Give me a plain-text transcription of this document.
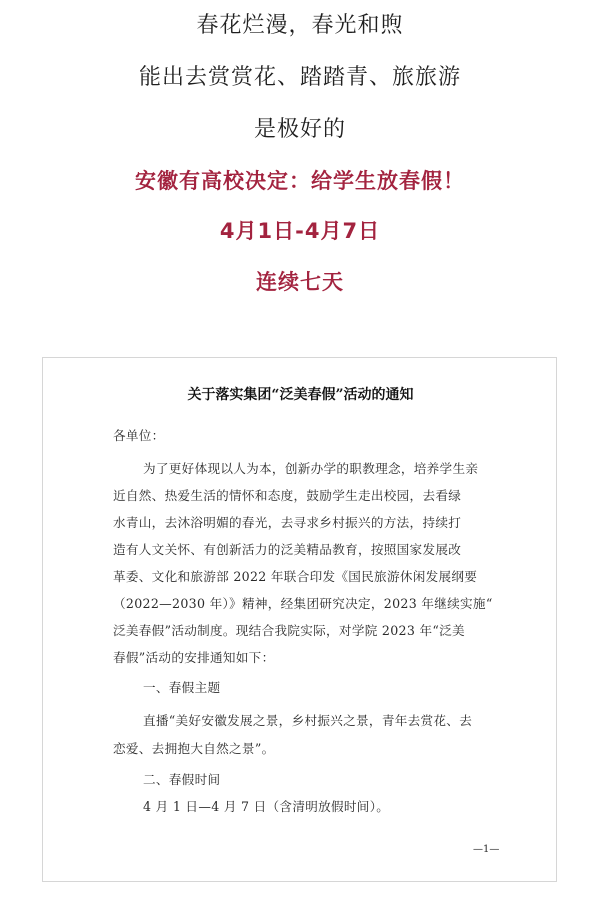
春花烂漫，春光和煦
能出去赏赏花、踏踏青、旅旅游
是极好的
安徽有高校决定：给学生放春假！
4月1日-4月7日
连续七天
关于落实集团“泛美春假”活动的通知
各单位：
为了更好体现以人为本，创新办学的职教理念，培养学生亲
近自然、热爱生活的情怀和态度，鼓励学生走出校园，去看绿
水青山，去沐浴明媚的春光，去寻求乡村振兴的方法，持续打
造有人文关怀、有创新活力的泛美精品教育，按照国家发展改
革委、文化和旅游部 2022 年联合印发《国民旅游休闲发展纲要
（2022—2030 年）》精神，经集团研究决定，2023 年继续实施“
泛美春假”活动制度。现结合我院实际，对学院 2023 年“泛美
春假”活动的安排通知如下：
一、春假主题
直播“美好安徽发展之景，乡村振兴之景，青年去赏花、去
恋爱、去拥抱大自然之景”。
二、春假时间
4 月 1 日—4 月 7 日（含清明放假时间）。
—1—
